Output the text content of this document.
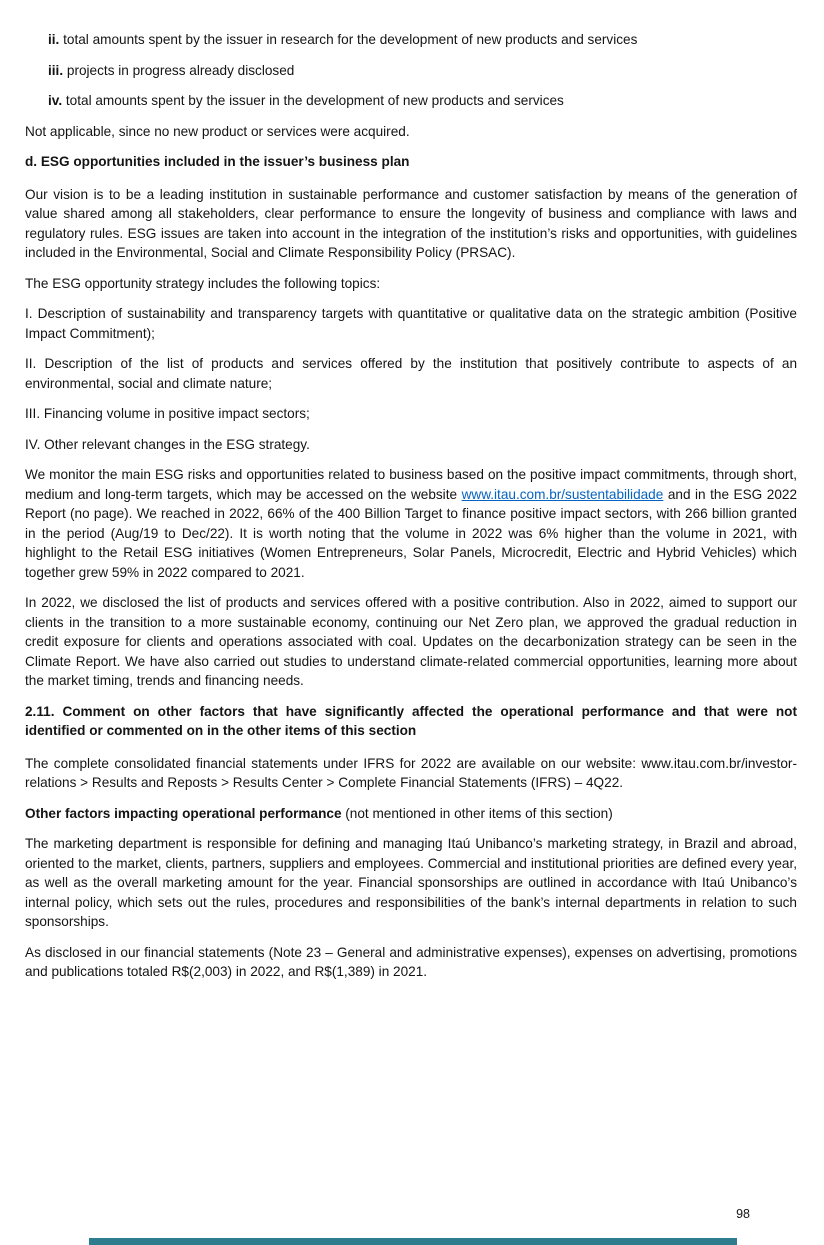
ii. total amounts spent by the issuer in research for the development of new products and services

iii. projects in progress already disclosed

iv. total amounts spent by the issuer in the development of new products and services

Not applicable, since no new product or services were acquired.

d. ESG opportunities included in the issuer’s business plan

Our vision is to be a leading institution in sustainable performance and customer satisfaction by means of the generation of value shared among all stakeholders, clear performance to ensure the longevity of business and compliance with laws and regulatory rules. ESG issues are taken into account in the integration of the institution’s risks and opportunities, with guidelines included in the Environmental, Social and Climate Responsibility Policy (PRSAC).

The ESG opportunity strategy includes the following topics:

I. Description of sustainability and transparency targets with quantitative or qualitative data on the strategic ambition (Positive Impact Commitment);

II. Description of the list of products and services offered by the institution that positively contribute to aspects of an environmental, social and climate nature;

III. Financing volume in positive impact sectors;

IV. Other relevant changes in the ESG strategy.

We monitor the main ESG risks and opportunities related to business based on the positive impact commitments, through short, medium and long-term targets, which may be accessed on the website www.itau.com.br/sustentabilidade and in the ESG 2022 Report (no page). We reached in 2022, 66% of the 400 Billion Target to finance positive impact sectors, with 266 billion granted in the period (Aug/19 to Dec/22). It is worth noting that the volume in 2022 was 6% higher than the volume in 2021, with highlight to the Retail ESG initiatives (Women Entrepreneurs, Solar Panels, Microcredit, Electric and Hybrid Vehicles) which together grew 59% in 2022 compared to 2021.

In 2022, we disclosed the list of products and services offered with a positive contribution. Also in 2022, aimed to support our clients in the transition to a more sustainable economy, continuing our Net Zero plan, we approved the gradual reduction in credit exposure for clients and operations associated with coal. Updates on the decarbonization strategy can be seen in the Climate Report. We have also carried out studies to understand climate-related commercial opportunities, learning more about the market timing, trends and financing needs.

2.11. Comment on other factors that have significantly affected the operational performance and that were not identified or commented on in the other items of this section

The complete consolidated financial statements under IFRS for 2022 are available on our website: www.itau.com.br/investor-relations > Results and Reposts > Results Center > Complete Financial Statements (IFRS) – 4Q22.

Other factors impacting operational performance (not mentioned in other items of this section)

The marketing department is responsible for defining and managing Itaú Unibanco’s marketing strategy, in Brazil and abroad, oriented to the market, clients, partners, suppliers and employees. Commercial and institutional priorities are defined every year, as well as the overall marketing amount for the year. Financial sponsorships are outlined in accordance with Itaú Unibanco’s internal policy, which sets out the rules, procedures and responsibilities of the bank’s internal departments in relation to such sponsorships.

As disclosed in our financial statements (Note 23 – General and administrative expenses), expenses on advertising, promotions and publications totaled R$(2,003) in 2022, and R$(1,389) in 2021.

98
